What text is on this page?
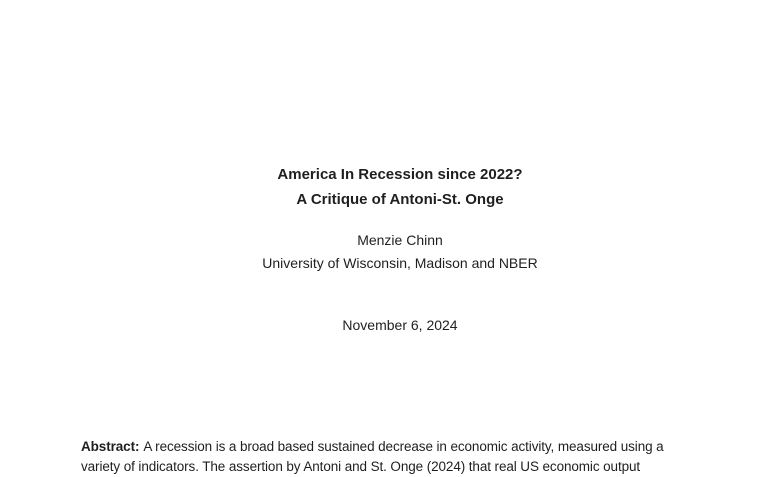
America In Recession since 2022?
A Critique of Antoni-St. Onge
Menzie Chinn
University of Wisconsin, Madison and NBER
November 6, 2024
Abstract: A recession is a broad based sustained decrease in economic activity, measured using a
variety of indicators. The assertion by Antoni and St. Onge (2024) that real US economic output
